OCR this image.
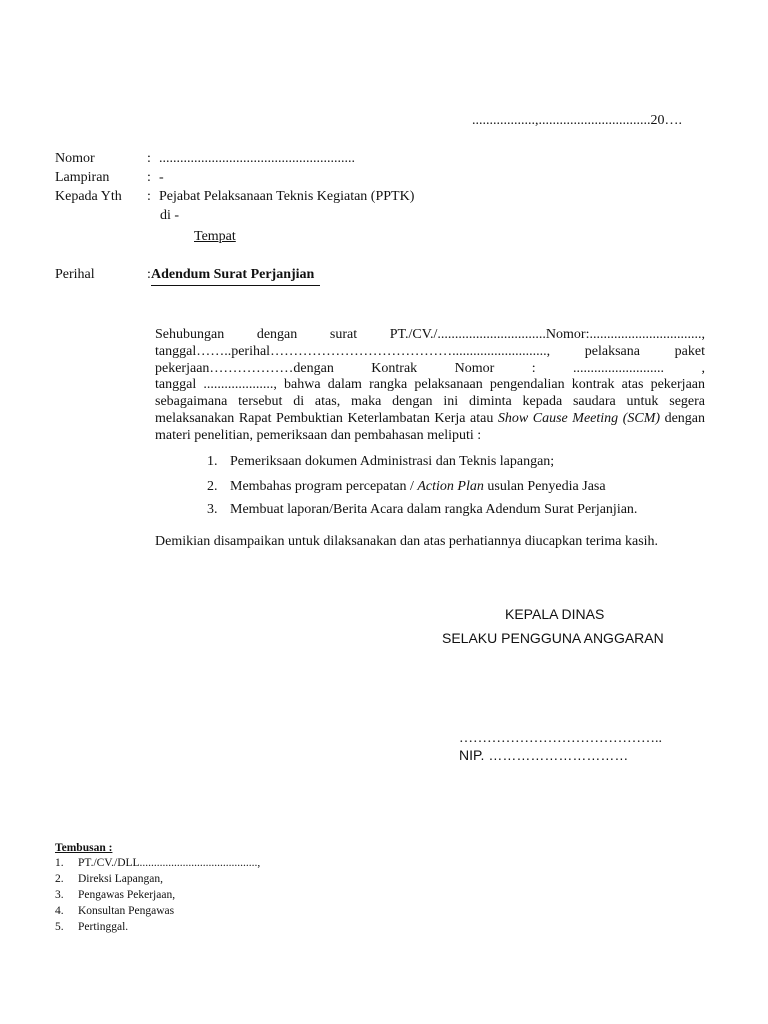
..................,................................20….
Nomor	: ........................................................
Lampiran	: -
Kepada Yth	: Pejabat Pelaksanaan Teknis Kegiatan (PPTK)
di -
Tempat
Perihal	: Adendum Surat Perjanjian
Sehubungan dengan surat PT./CV./...............................Nomor:................................,
tanggal……..perihal…………………………………..........................., pelaksana paket
pekerjaan………………dengan Kontrak Nomor : .......................... ,

tanggal ...................., bahwa dalam rangka pelaksanaan pengendalian kontrak atas pekerjaan sebagaimana tersebut di atas, maka dengan ini diminta kepada saudara untuk segera melaksanakan Rapat Pembuktian Keterlambatan Kerja atau Show Cause Meeting (SCM) dengan materi penelitian, pemeriksaan dan pembahasan meliputi :

1. Pemeriksaan dokumen Administrasi dan Teknis lapangan;
2. Membahas program percepatan / Action Plan usulan Penyedia Jasa
3. Membuat laporan/Berita Acara dalam rangka Adendum Surat Perjanjian.

Demikian disampaikan untuk dilaksanakan dan atas perhatiannya diucapkan terima kasih.

KEPALA DINAS
SELAKU PENGGUNA ANGGARAN
……………………………………..
NIP. …………………………
Tembusan :
1.	PT./CV./DLL.........................................,
2.	Direksi Lapangan,
3.	Pengawas Pekerjaan,
4.	Konsultan Pengawas
5.	Pertinggal.
